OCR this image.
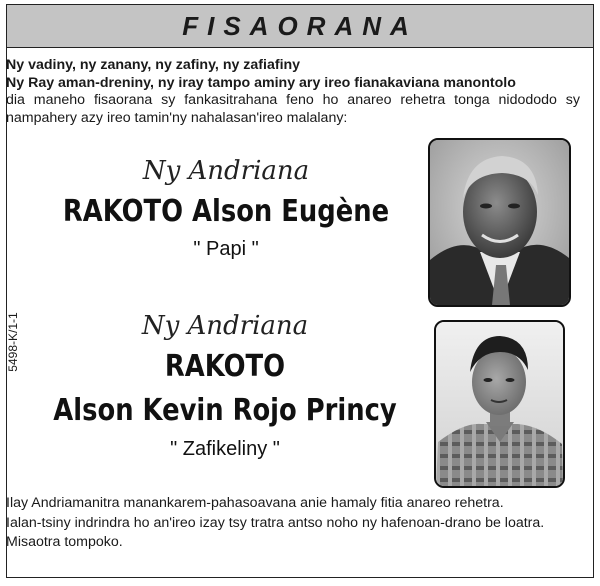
FISAORANA
Ny vadiny, ny zanany, ny zafiny, ny zafiafiny
Ny Ray aman-dreniny, ny iray tampo aminy ary ireo fianakaviana manontolo
dia maneho fisaorana sy fankasitrahana feno ho anareo rehetra tonga nidododo sy
nampahery azy ireo tamin'ny nahalasan'ireo malalany:
5498-K/1-1
Ny Andriana
RAKOTO Alson Eugène
" Papi "
Ny Andriana
RAKOTO
Alson Kevin Rojo Princy
" Zafikeliny "
Ilay Andriamanitra manankarem-pahasoavana anie hamaly fitia anareo rehetra.
Ialan-tsiny indrindra ho an'ireo izay tsy tratra antso noho ny hafenoan-drano be loatra.
Misaotra tompoko.
